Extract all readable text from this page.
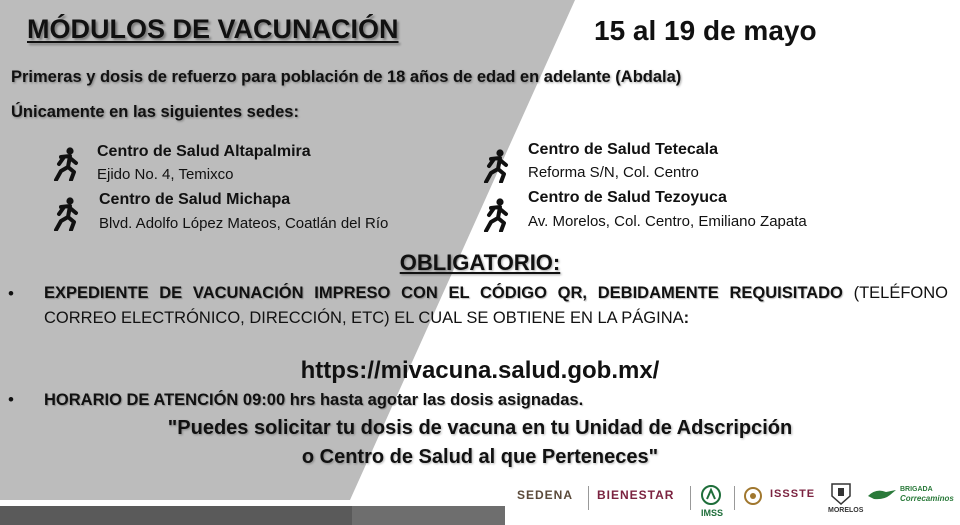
MÓDULOS DE VACUNACIÓN	15 al 19 de mayo
Primeras y dosis de refuerzo para población de 18 años de edad en adelante (Abdala)
Únicamente en las siguientes sedes:
Centro de Salud Altapalmira
Ejido No. 4, Temixco
Centro de Salud Michapa
Blvd. Adolfo López Mateos, Coatlán del Río
Centro de Salud Tetecala
Reforma S/N, Col. Centro
Centro de Salud Tezoyuca
Av. Morelos, Col. Centro, Emiliano Zapata
OBLIGATORIO:
• EXPEDIENTE DE VACUNACIÓN IMPRESO CON EL CÓDIGO QR, DEBIDAMENTE REQUISITADO (TELÉFONO CORREO ELECTRÓNICO, DIRECCIÓN, ETC) EL CUAL SE OBTIENE EN LA PÁGINA:
https://mivacuna.salud.gob.mx/
• HORARIO DE ATENCIÓN 09:00 hrs hasta agotar las dosis asignadas.
"Puedes solicitar tu dosis de vacuna en tu Unidad de Adscripción
o Centro de Salud al que Perteneces"
SEDENA BIENESTAR
IMSS
ISSSTE
MORELOS
BRIGADA
Correcaminos
